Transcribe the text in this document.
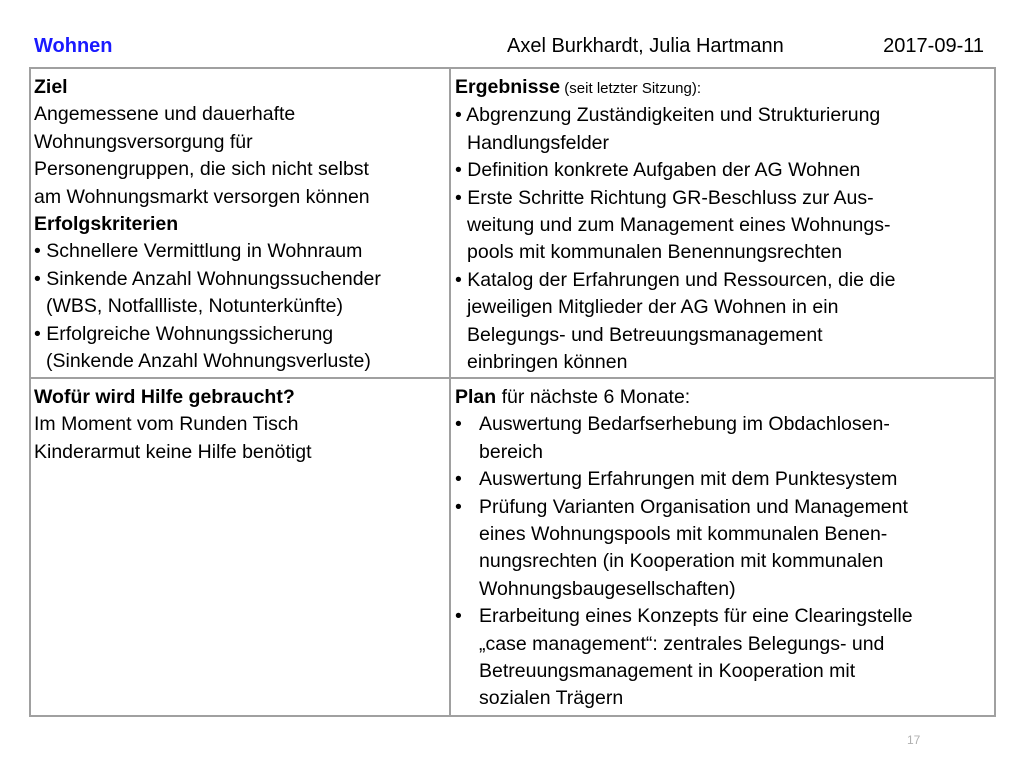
Wohnen	Axel Burkhardt, Julia Hartmann	2017-09-11
Ziel
Angemessene und dauerhafte
Wohnungsversorgung für
Personengruppen, die sich nicht selbst
am Wohnungsmarkt versorgen können
Erfolgskriterien
• Schnellere Vermittlung in Wohnraum
• Sinkende Anzahl Wohnungssuchender
(WBS, Notfallliste, Notunterkünfte)
• Erfolgreiche Wohnungssicherung
(Sinkende Anzahl Wohnungsverluste)
Ergebnisse (seit letzter Sitzung):
• Abgrenzung Zuständigkeiten und Strukturierung
Handlungsfelder
• Definition konkrete Aufgaben der AG Wohnen
• Erste Schritte Richtung GR-Beschluss zur Aus-
weitung und zum Management eines Wohnungs-
pools mit kommunalen Benennungsrechten
• Katalog der Erfahrungen und Ressourcen, die die
jeweiligen Mitglieder der AG Wohnen in ein
Belegungs- und Betreuungsmanagement
einbringen können
Wofür wird Hilfe gebraucht?
Im Moment vom Runden Tisch
Kinderarmut keine Hilfe benötigt
Plan für nächste 6 Monate:
• Auswertung Bedarfserhebung im Obdachlosen-
bereich
• Auswertung Erfahrungen mit dem Punktesystem
• Prüfung Varianten Organisation und Management
eines Wohnungspools mit kommunalen Benen-
nungsrechten (in Kooperation mit kommunalen
Wohnungsbaugesellschaften)
• Erarbeitung eines Konzepts für eine Clearingstelle
„case management“: zentrales Belegungs- und
Betreuungsmanagement in Kooperation mit
sozialen Trägern
17
